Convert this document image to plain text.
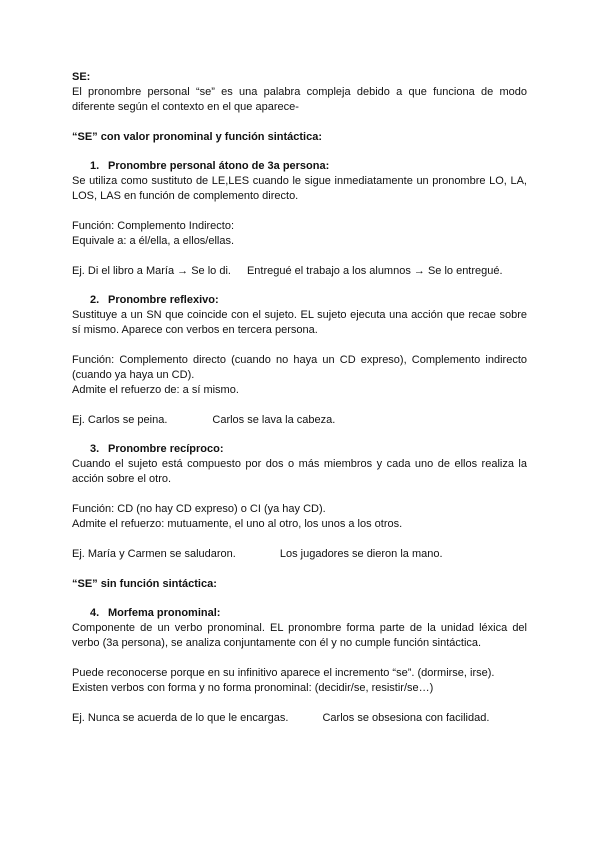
SE:

El pronombre personal “se” es una palabra compleja debido a que funciona de modo diferente según el contexto en el que aparece-

“SE” con valor pronominal y función sintáctica:

1. Pronombre personal átono de 3a persona:

Se utiliza como sustituto de LE,LES cuando le sigue inmediatamente un pronombre LO, LA, LOS, LAS en función de complemento directo.

Función: Complemento Indirecto:

Equivale a: a él/ella, a ellos/ellas.

Ej. Di el libro a María → Se lo di. Entregué el trabajo a los alumnos → Se lo entregué.

2. Pronombre reflexivo:

Sustituye a un SN que coincide con el sujeto. EL sujeto ejecuta una acción que recae sobre sí mismo. Aparece con verbos en tercera persona.

Función: Complemento directo (cuando no haya un CD expreso), Complemento indirecto (cuando ya haya un CD).

Admite el refuerzo de: a sí mismo.

Ej. Carlos se peina.	Carlos se lava la cabeza.

3. Pronombre recíproco:

Cuando el sujeto está compuesto por dos o más miembros y cada uno de ellos realiza la acción sobre el otro.

Función: CD (no hay CD expreso) o CI (ya hay CD).

Admite el refuerzo: mutuamente, el uno al otro, los unos a los otros.

Ej. María y Carmen se saludaron.	Los jugadores se dieron la mano.

“SE” sin función sintáctica:

4. Morfema pronominal:

Componente de un verbo pronominal. EL pronombre forma parte de la unidad léxica del verbo (3a persona), se analiza conjuntamente con él y no cumple función sintáctica.

Puede reconocerse porque en su infinitivo aparece el incremento “se”. (dormirse, irse).

Existen verbos con forma y no forma pronominal: (decidir/se, resistir/se…)

Ej. Nunca se acuerda de lo que le encargas.	Carlos se obsesiona con facilidad.
